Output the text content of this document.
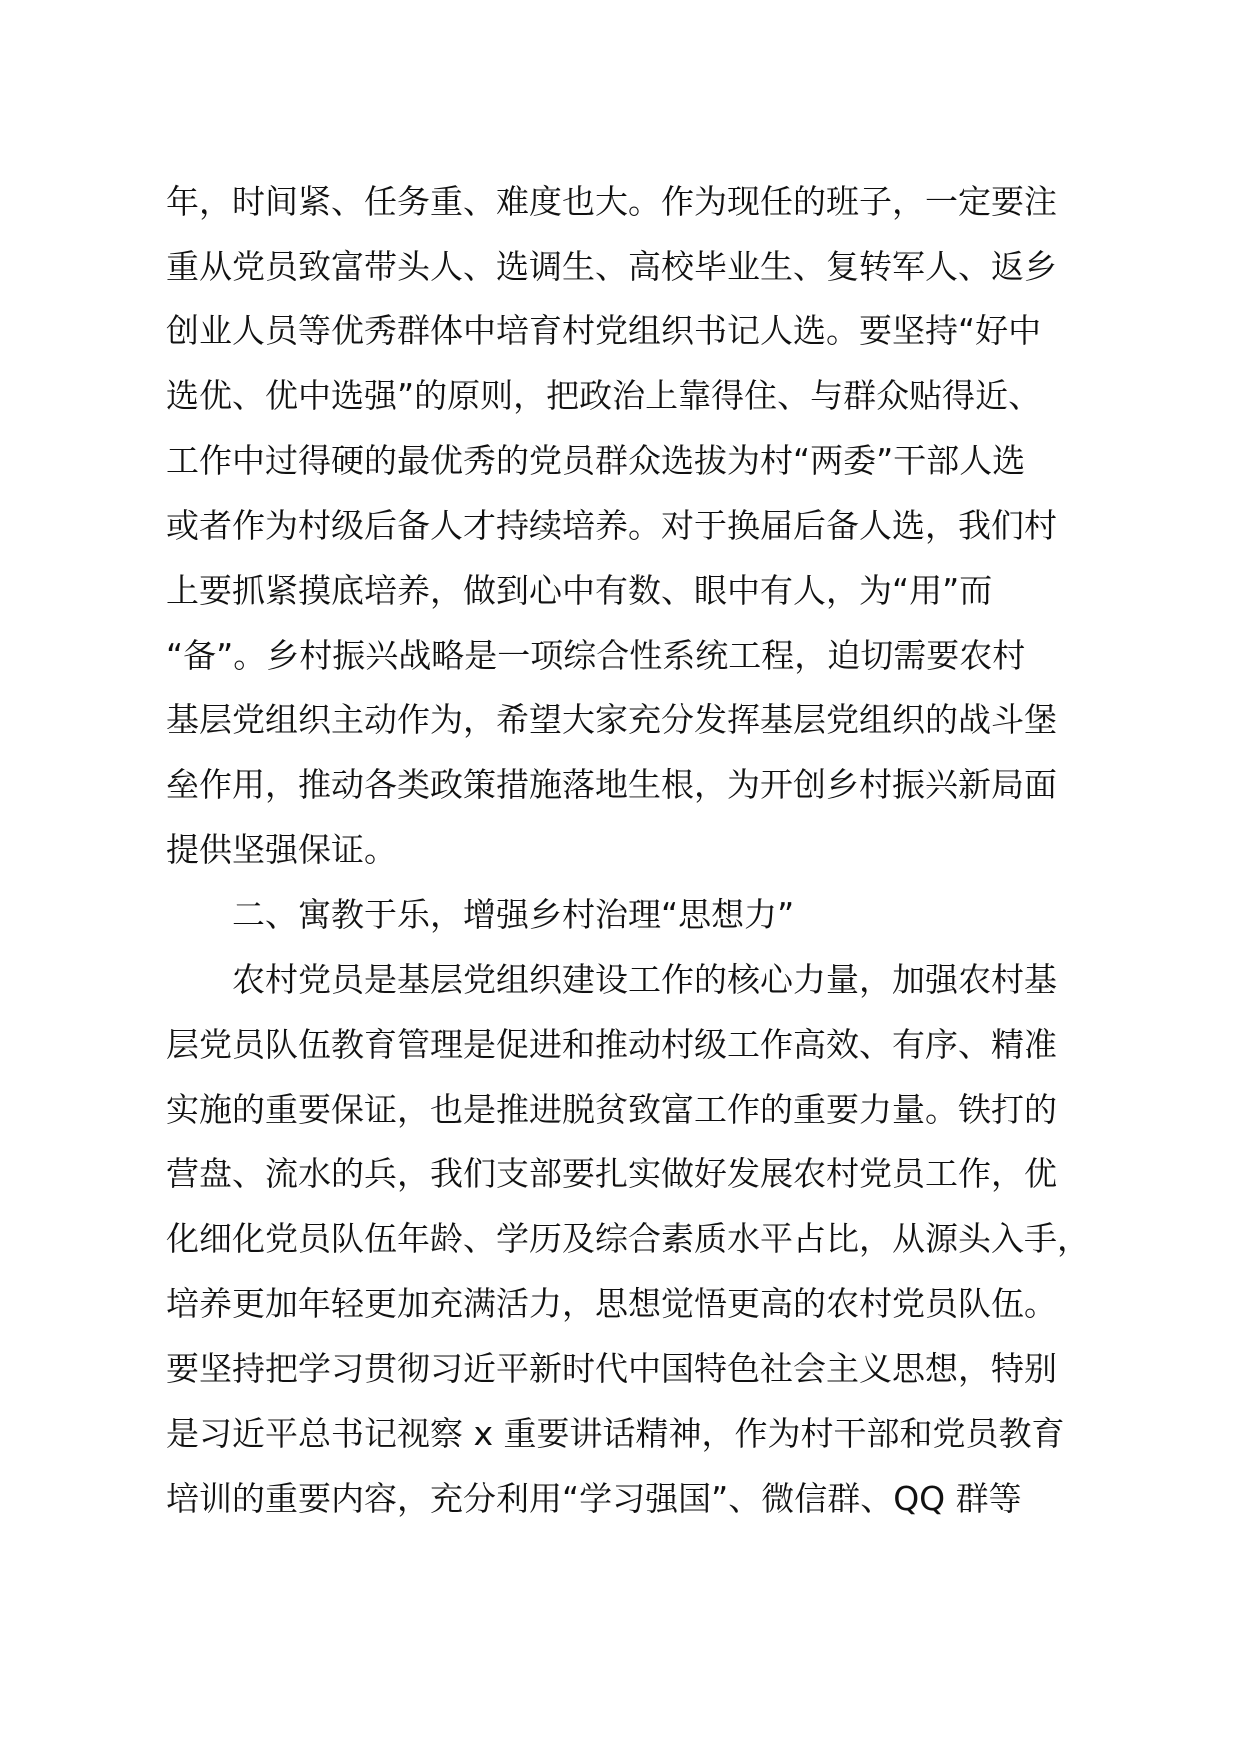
年，时间紧、任务重、难度也大。作为现任的班子，一定要注
重从党员致富带头人、选调生、高校毕业生、复转军人、返乡
创业人员等优秀群体中培育村党组织书记人选。要坚持“好中
选优、优中选强”的原则，把政治上靠得住、与群众贴得近、
工作中过得硬的最优秀的党员群众选拔为村“两委”干部人选
或者作为村级后备人才持续培养。对于换届后备人选，我们村
上要抓紧摸底培养，做到心中有数、眼中有人，为“用”而
“备”。乡村振兴战略是一项综合性系统工程，迫切需要农村
基层党组织主动作为，希望大家充分发挥基层党组织的战斗堡
垒作用，推动各类政策措施落地生根，为开创乡村振兴新局面
提供坚强保证。
二、寓教于乐，增强乡村治理“思想力”
农村党员是基层党组织建设工作的核心力量，加强农村基
层党员队伍教育管理是促进和推动村级工作高效、有序、精准
实施的重要保证，也是推进脱贫致富工作的重要力量。铁打的
营盘、流水的兵，我们支部要扎实做好发展农村党员工作，优
化细化党员队伍年龄、学历及综合素质水平占比，从源头入手，
培养更加年轻更加充满活力，思想觉悟更高的农村党员队伍。
要坚持把学习贯彻习近平新时代中国特色社会主义思想，特别
是习近平总书记视察 x 重要讲话精神，作为村干部和党员教育
培训的重要内容，充分利用“学习强国”、微信群、QQ 群等
